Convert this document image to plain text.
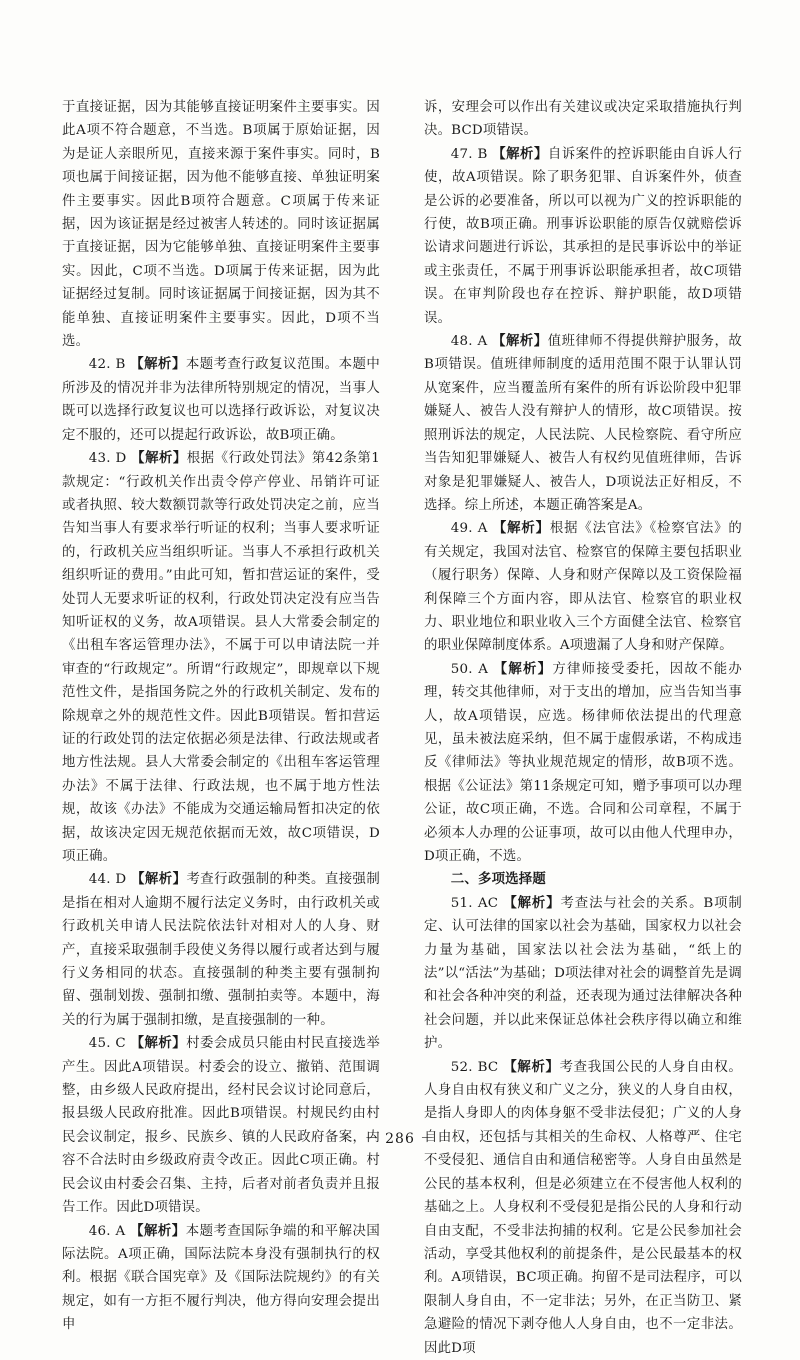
于直接证据，因为其能够直接证明案件主要事实。因此A项不符合题意，不当选。B项属于原始证据，因为是证人亲眼所见，直接来源于案件事实。同时，B项也属于间接证据，因为他不能够直接、单独证明案件主要事实。因此B项符合题意。C项属于传来证据，因为该证据是经过被害人转述的。同时该证据属于直接证据，因为它能够单独、直接证明案件主要事实。因此，C项不当选。D项属于传来证据，因为此证据经过复制。同时该证据属于间接证据，因为其不能单独、直接证明案件主要事实。因此，D项不当选。

42. B 【 解析 】 本题考查行政复议范围。本题中所涉及的情况并非为法律所特别规定的情况，当事人既可以选择行政复议也可以选择行政诉讼，对复议决定不服的，还可以提起行政诉讼，故B项正确。

43. D 【 解析 】 根据《行政处罚法》第42条第1款规定：“行政机关作出责令停产停业、吊销许可证或者执照、较大数额罚款等行政处罚决定之前，应当告知当事人有要求举行听证的权利；当事人要求听证的，行政机关应当组织听证。当事人不承担行政机关组织听证的费用。”由此可知，暂扣营运证的案件，受处罚人无要求听证的权利，行政处罚决定没有应当告知听证权的义务，故A项错误。县人大常委会制定的《出租车客运管理办法》，不属于可以申请法院一并审查的“行政规定”。所谓“行政规定”，即规章以下规范性文件，是指国务院之外的行政机关制定、发布的除规章之外的规范性文件。因此B项错误。暂扣营运证的行政处罚的法定依据必须是法律、行政法规或者地方性法规。县人大常委会制定的《出租车客运管理办法》不属于法律、行政法规，也不属于地方性法规，故该《办法》不能成为交通运输局暂扣决定的依据，故该决定因无规范依据而无效，故C项错误，D项正确。

44. D 【 解析 】 考查行政强制的种类。直接强制是指在相对人逾期不履行法定义务时，由行政机关或行政机关申请人民法院依法针对相对人的人身、财产，直接采取强制手段使义务得以履行或者达到与履行义务相同的状态。直接强制的种类主要有强制拘留、强制划拨、强制扣缴、强制拍卖等。本题中，海关的行为属于强制扣缴，是直接强制的一种。

45. C 【 解析 】 村委会成员只能由村民直接选举产生。因此A项错误。村委会的设立、撤销、范围调整，由乡级人民政府提出，经村民会议讨论同意后，报县级人民政府批准。因此B项错误。村规民约由村民会议制定，报乡、民族乡、镇的人民政府备案，内容不合法时由乡级政府责令改正。因此C项正确。村民会议由村委会召集、主持，后者对前者负责并且报告工作。因此D项错误。

46. A 【 解析 】 本题考查国际争端的和平解决国际法院。A项正确，国际法院本身没有强制执行的权利。根据《联合国宪章》及《国际法院规约》的有关规定，如有一方拒不履行判决，他方得向安理会提出申

诉，安理会可以作出有关建议或决定采取措施执行判决。BCD项错误。

47. B 【 解析 】 自诉案件的控诉职能由自诉人行使，故A项错误。除了职务犯罪、自诉案件外，侦查是公诉的必要准备，所以可以视为广义的控诉职能的行使，故B项正确。刑事诉讼职能的原告仅就赔偿诉讼请求问题进行诉讼，其承担的是民事诉讼中的举证或主张责任，不属于刑事诉讼职能承担者，故C项错误。在审判阶段也存在控诉、辩护职能，故D项错误。

48. A 【 解析 】 值班律师不得提供辩护服务，故B项错误。值班律师制度的适用范围不限于认罪认罚从宽案件，应当覆盖所有案件的所有诉讼阶段中犯罪嫌疑人、被告人没有辩护人的情形，故C项错误。按照刑诉法的规定，人民法院、人民检察院、看守所应当告知犯罪嫌疑人、被告人有权约见值班律师，告诉对象是犯罪嫌疑人、被告人，D项说法正好相反，不选择。综上所述，本题正确答案是A。

49. A 【 解析 】 根据《法官法》《检察官法》的有关规定，我国对法官、检察官的保障主要包括职业（履行职务）保障、人身和财产保障以及工资保险福利保障三个方面内容，即从法官、检察官的职业权力、职业地位和职业收入三个方面健全法官、检察官的职业保障制度体系。A项遗漏了人身和财产保障。

50. A 【 解析 】 方律师接受委托，因故不能办理，转交其他律师，对于支出的增加，应当告知当事人，故A项错误，应选。杨律师依法提出的代理意见，虽未被法庭采纳，但不属于虚假承诺，不构成违反《律师法》等执业规范规定的情形，故B项不选。根据《公证法》第11条规定可知，赠予事项可以办理公证，故C项正确，不选。合同和公司章程，不属于必须本人办理的公证事项，故可以由他人代理申办，D项正确，不选。

二、多项选择题

51. AC 【 解析 】 考查法与社会的关系。B项制定、认可法律的国家以社会为基础，国家权力以社会力量为基础，国家法以社会法为基础，“纸上的法”以“活法”为基础；D项法律对社会的调整首先是调和社会各种冲突的利益，还表现为通过法律解决各种社会问题，并以此来保证总体社会秩序得以确立和维护。

52. BC 【 解析 】 考查我国公民的人身自由权。人身自由权有狭义和广义之分，狭义的人身自由权，是指人身即人的肉体身躯不受非法侵犯；广义的人身自由权，还包括与其相关的生命权、人格尊严、住宅不受侵犯、通信自由和通信秘密等。人身自由虽然是公民的基本权利，但是必须建立在不侵害他人权利的基础之上。人身权利不受侵犯是指公民的人身和行动自由支配，不受非法拘捕的权利。它是公民参加社会活动，享受其他权利的前提条件，是公民最基本的权利。A项错误，BC项正确。拘留不是司法程序，可以限制人身自由，不一定非法；另外，在正当防卫、紧急避险的情况下剥夺他人人身自由，也不一定非法。因此D项

－ 286 －
